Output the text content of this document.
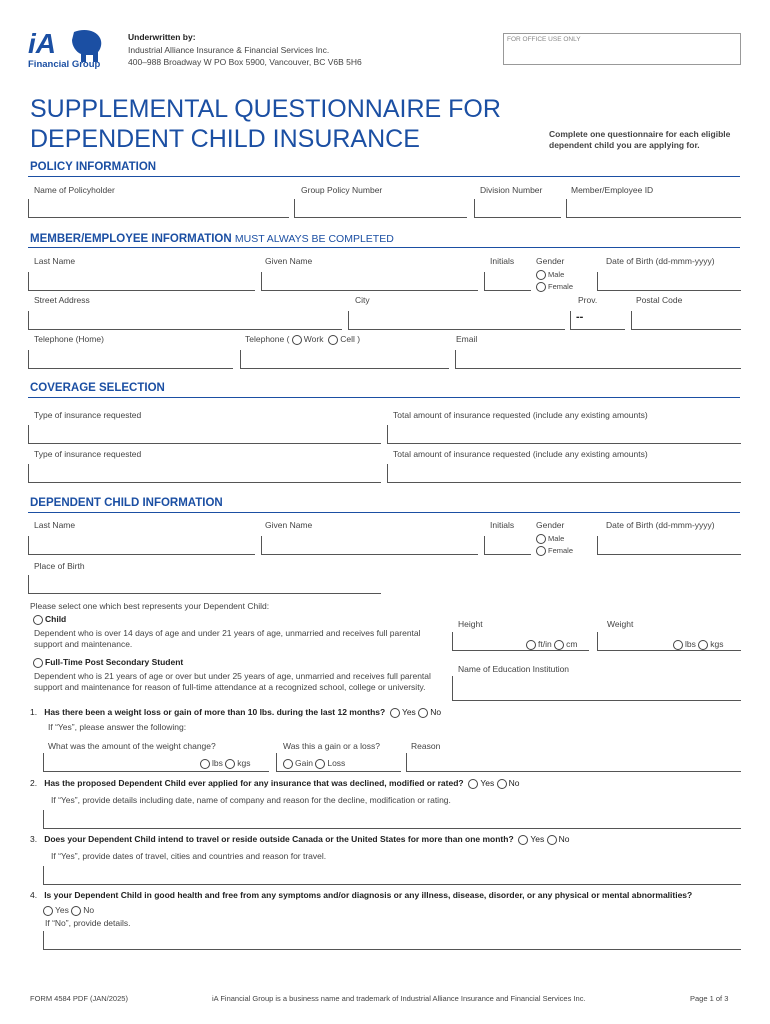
iA
Financial Group
Underwritten by:
Industrial Alliance Insurance & Financial Services Inc.
400–988 Broadway W PO Box 5900, Vancouver, BC V6B 5H6
FOR OFFICE USE ONLY
SUPPLEMENTAL QUESTIONNAIRE FOR
DEPENDENT CHILD INSURANCE	Complete one questionnaire for each eligible dependent child you are applying for.
POLICY INFORMATION
Name of Policyholder	Group Policy Number	Division Number	Member/Employee ID
MEMBER/EMPLOYEE INFORMATION MUST ALWAYS BE COMPLETED
Last Name	Given Name	Initials	Gender	Date of Birth (dd-mmm-yyyy)
Male
Female
Street Address	City	Prov.	Postal Code
--
Telephone (Home)	Telephone ( Work Cell )	Email
COVERAGE SELECTION
Type of insurance requested	Total amount of insurance requested (include any existing amounts)
Type of insurance requested	Total amount of insurance requested (include any existing amounts)
DEPENDENT CHILD INFORMATION
Last Name	Given Name	Initials	Gender	Date of Birth (dd-mmm-yyyy)
Male
Female
Place of Birth
Please select one which best represents your Dependent Child:
Child
Dependent who is over 14 days of age and under 21 years of age, unmarried and receives full parental support and maintenance.
Height	Weight
ft/in cm	lbs kgs
Full-Time Post Secondary Student
Dependent who is 21 years of age or over but under 25 years of age, unmarried and receives full parental support and maintenance for reason of full-time attendance at a recognized school, college or university.
Name of Education Institution
1. Has there been a weight loss or gain of more than 10 lbs. during the last 12 months? Yes No
If “Yes”, please answer the following:
What was the amount of the weight change?	Was this a gain or a loss?	Reason
lbs kgs	Gain Loss
2. Has the proposed Dependent Child ever applied for any insurance that was declined, modified or rated? Yes No
If “Yes”, provide details including date, name of company and reason for the decline, modification or rating.
3. Does your Dependent Child intend to travel or reside outside Canada or the United States for more than one month? Yes No
If “Yes”, provide dates of travel, cities and countries and reason for travel.
4. Is your Dependent Child in good health and free from any symptoms and/or diagnosis or any illness, disease, disorder, or any physical or mental abnormalities?
Yes No
If “No”, provide details.
FORM 4584 PDF (JAN/2025)	iA Financial Group is a business name and trademark of Industrial Alliance Insurance and Financial Services Inc.	Page 1 of 3
